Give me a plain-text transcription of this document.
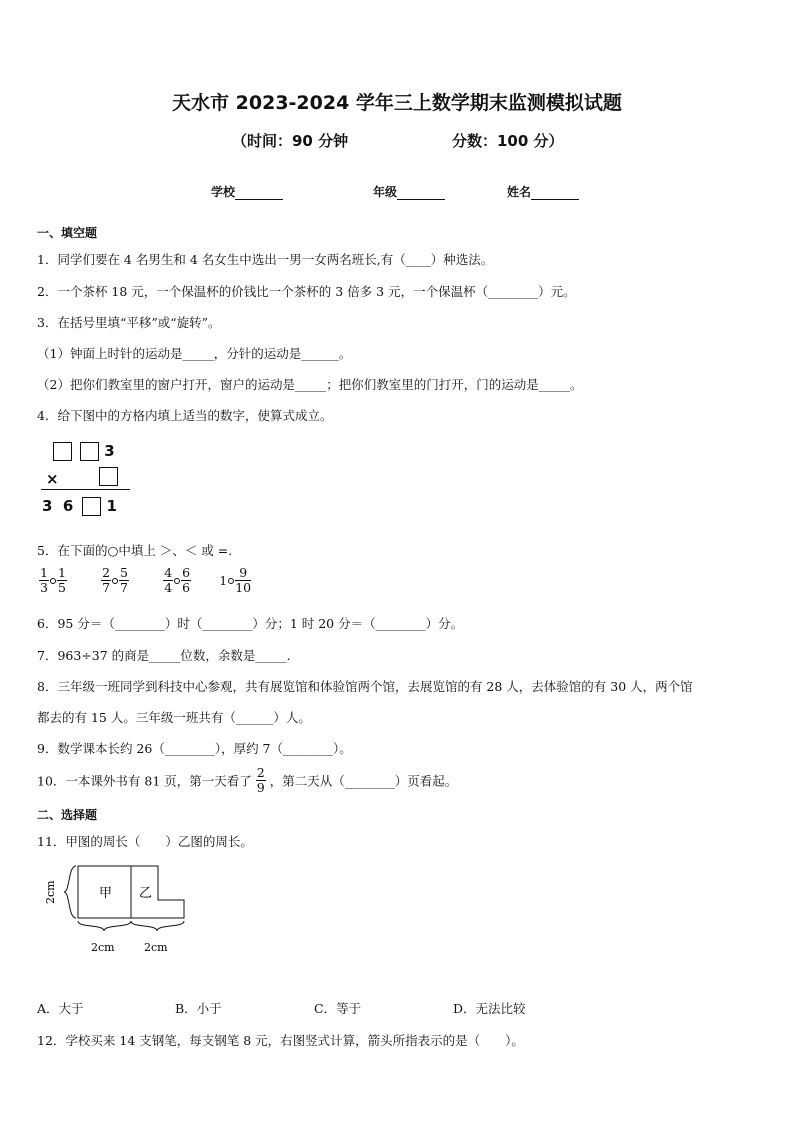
天水市 2023-2024 学年三上数学期末监测模拟试题
（时间：90 分钟	分数：100 分）
学校	年级	姓名
一、填空题
1．同学们要在 4 名男生和 4 名女生中选出一男一女两名班长,有（____）种选法。
2．一个茶杯 18 元，一个保温杯的价钱比一个茶杯的 3 倍多 3 元，一个保温杯（________）元。
3．在括号里填“平移”或“旋转”。
（1）钟面上时针的运动是_____，分针的运动是______。
（2）把你们教室里的窗户打开，窗户的运动是_____；把你们教室里的门打开，门的运动是_____。
4．给下图中的方格内填上适当的数字，使算式成立。
3
×
3  6 1
5．在下面的○中填上 ＞、＜ 或 =.
$\frac{1}{3} \frac{1}{5}$
	$\frac{2}{7} \frac{5}{7}$
	$\frac{4}{4} \frac{6}{6} 1 \frac{9}{10}$
6．95 分＝（________）时（________）分；1 时 20 分＝（________）分。
7．963÷37 的商是_____位数，余数是_____.
8．三年级一班同学到科技中心参观，共有展览馆和体验馆两个馆，去展览馆的有 28 人，去体验馆的有 30 人，两个馆
都去的有 15 人。三年级一班共有（______）人。
9．数学课本长约 26（________），厚约 7（________）。
10．一本课外书有 81 页，第一天看了 $\frac{2}{9}$ ，第二天从（________）页看起。
二、选择题
11．甲图的周长（　　）乙图的周长。
甲 乙
2cm
2cm	2cm
A．大于	B．小于	C．等于	D．无法比较
12．学校买来 14 支钢笔，每支钢笔 8 元，右图竖式计算，箭头所指表示的是（　　）。
